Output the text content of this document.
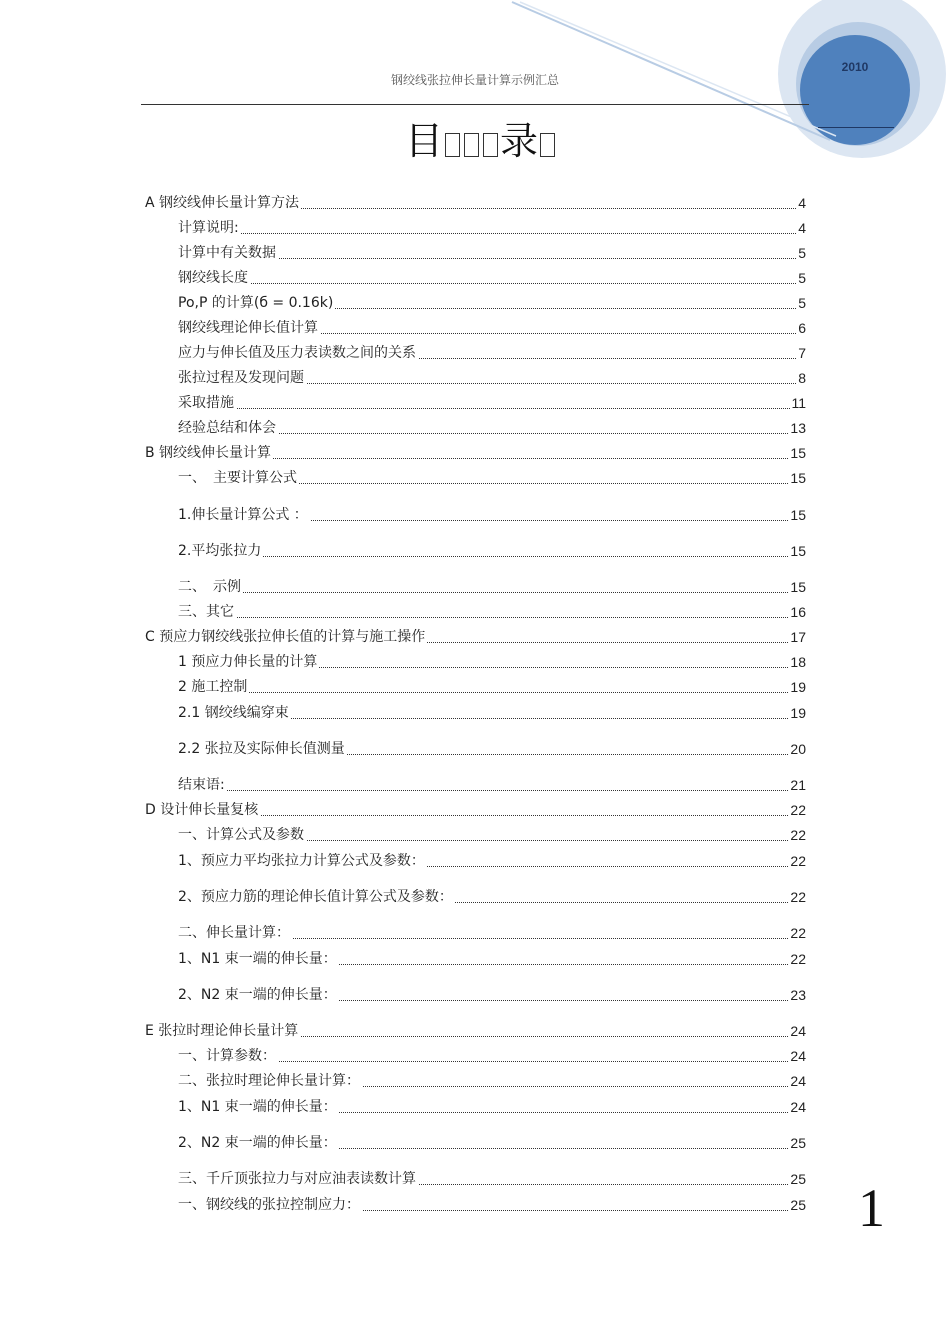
2010
钢绞线张拉伸长量计算示例汇总
目 录
A 钢绞线伸长量计算方法	4
计算说明:	4
计算中有关数据	5
钢绞线长度	5
Po,P 的计算(б = 0.16k)	5
钢绞线理论伸长值计算	6
应力与伸长值及压力表读数之间的关系	7
张拉过程及发现问题	8
采取措施	11
经验总结和体会	13
B 钢绞线伸长量计算	15
一、　主要计算公式	15
1.伸长量计算公式 ：	15
2.平均张拉力	15
二、　示例	15
三、其它	16
C 预应力钢绞线张拉伸长值的计算与施工操作	17
1 预应力伸长量的计算	18
2 施工控制	19
2.1 钢绞线编穿束	19
2.2 张拉及实际伸长值测量	20
结束语:	21
D 设计伸长量复核	22
一、计算公式及参数	22
1、预应力平均张拉力计算公式及参数：	22
2、预应力筋的理论伸长值计算公式及参数：	22
二、伸长量计算：	22
1、N1 束一端的伸长量：	22
2、N2 束一端的伸长量：	23
E 张拉时理论伸长量计算	24
一、计算参数：	24
二、张拉时理论伸长量计算：	24
1、N1 束一端的伸长量：	24
2、N2 束一端的伸长量：	25
三、千斤顶张拉力与对应油表读数计算	25
一、钢绞线的张拉控制应力：	25 1
